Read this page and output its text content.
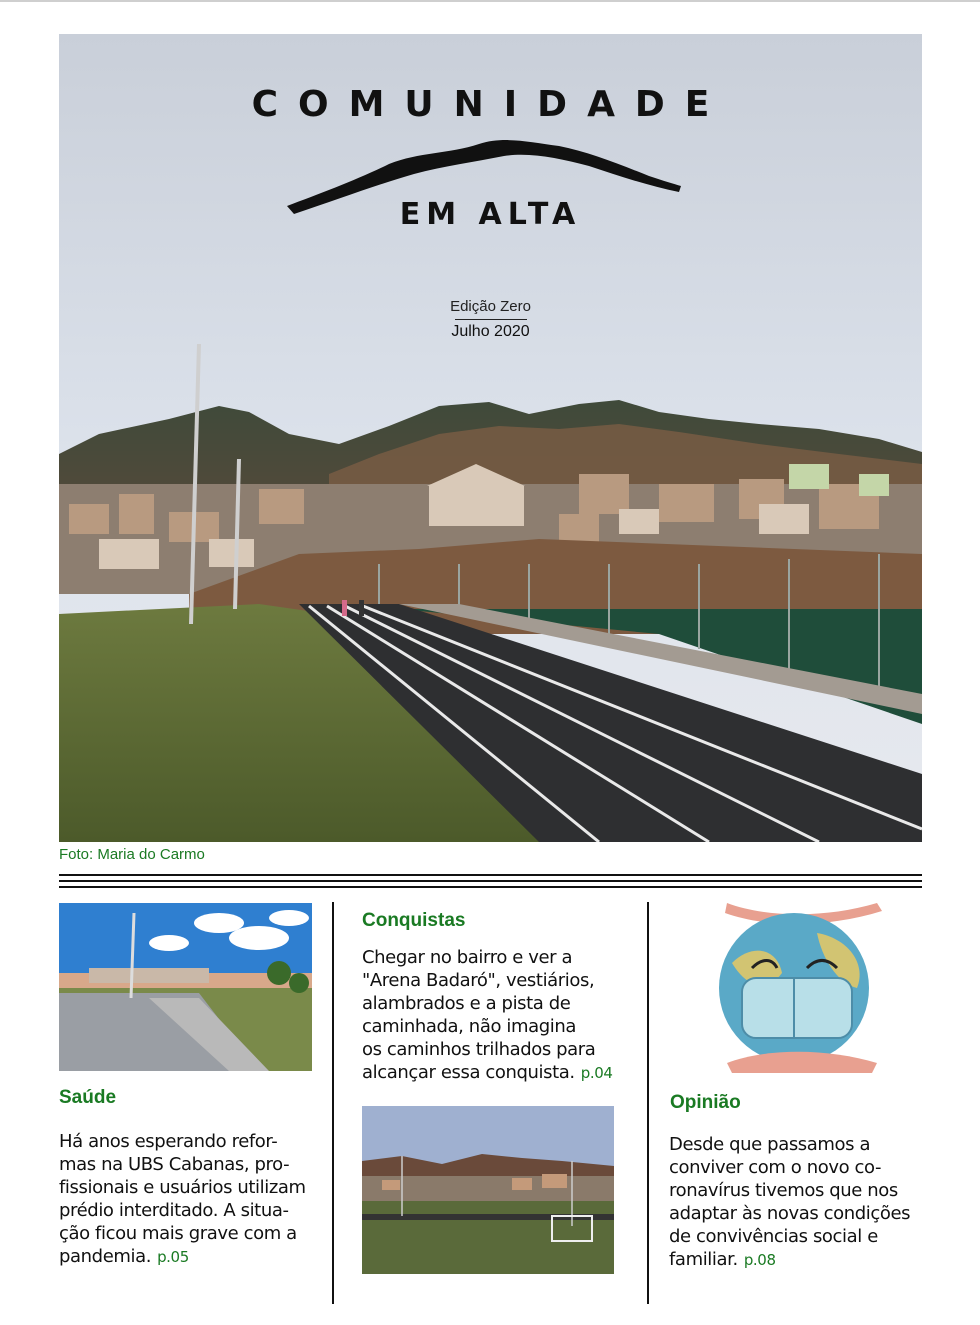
COMUNIDADE
EM ALTA
Edição Zero
Julho 2020
Foto: Maria do Carmo
Saúde
Há anos esperando refor-
mas na UBS Cabanas, pro-
fissionais e usuários utilizam
prédio interditado. A situa-
ção ficou mais grave com a
pandemia. p.05
Conquistas
Chegar no bairro e ver a
"Arena Badaró", vestiários,
alambrados e a pista de
caminhada, não imagina
os caminhos trilhados para
alcançar essa conquista. p.04
Opinião
Desde que passamos a
conviver com o novo co-
ronavírus tivemos que nos
adaptar às novas condições
de convivências social e
familiar. p.08
